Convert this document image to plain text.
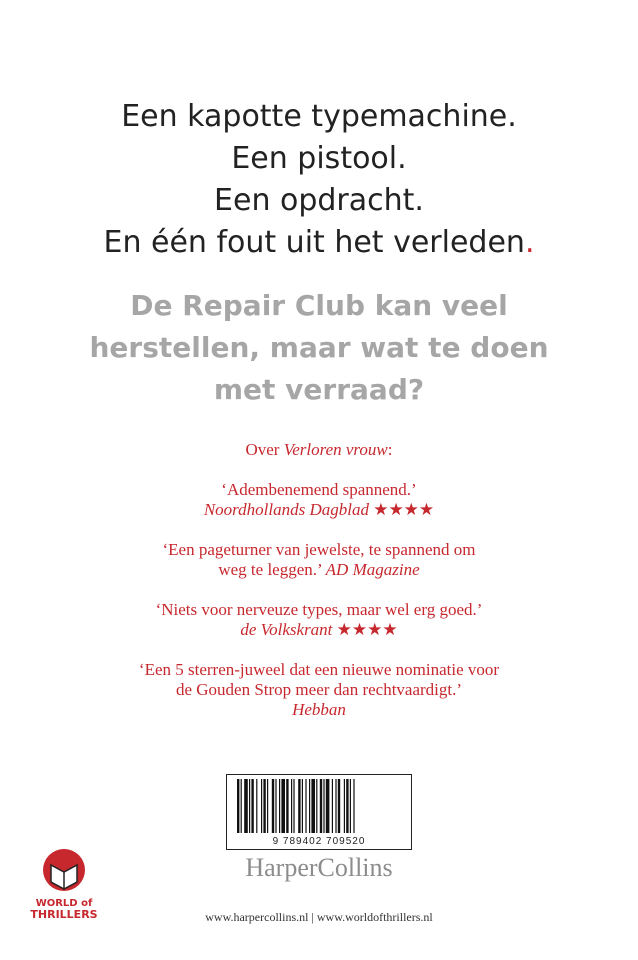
Een kapotte typemachine.
Een pistool.
Een opdracht.
En één fout uit het verleden.
De Repair Club kan veel
herstellen, maar wat te doen
met verraad?
Over Verloren vrouw:
‘Adembenemend spannend.’
Noordhollands Dagblad ★★★★
‘Een pageturner van jewelste, te spannend om
weg te leggen.’ AD Magazine
‘Niets voor nerveuze types, maar wel erg goed.’
de Volkskrant ★★★★
‘Een 5 sterren-juweel dat een nieuwe nominatie voor
de Gouden Strop meer dan rechtvaardigt.’
Hebban
9 789402 709520
WORLD of
THRILLERS
HarperCollins
www.harpercollins.nl | www.worldofthrillers.nl
